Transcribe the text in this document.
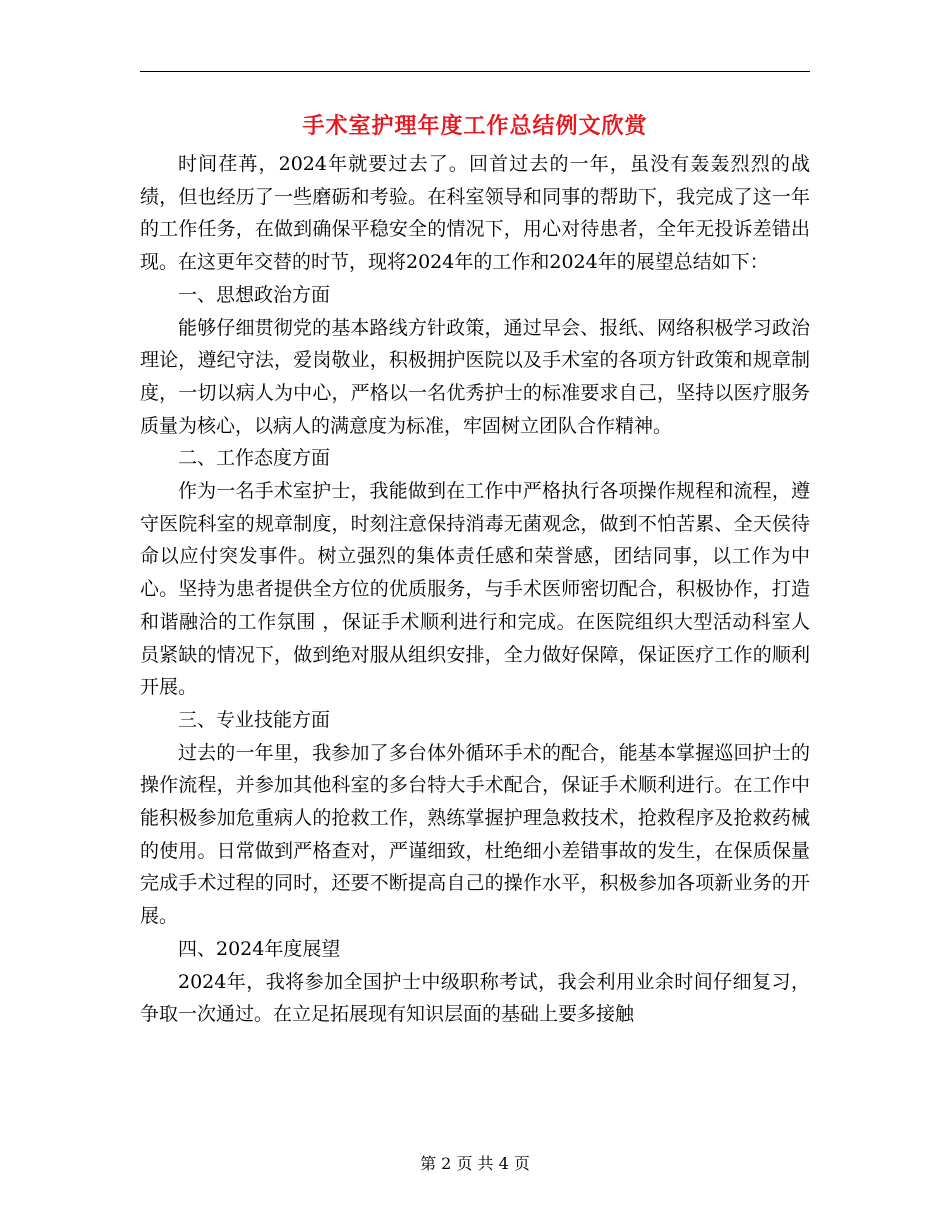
手术室护理年度工作总结例文欣赏

时间荏苒，2024年就要过去了。回首过去的一年，虽没有轰轰烈烈的战绩，但也经历了一些磨砺和考验。在科室领导和同事的帮助下，我完成了这一年的工作任务，在做到确保平稳安全的情况下，用心对待患者，全年无投诉差错出现。在这更年交替的时节，现将2024年的工作和2024年的展望总结如下：

一、思想政治方面

能够仔细贯彻党的基本路线方针政策，通过早会、报纸、网络积极学习政治理论，遵纪守法，爱岗敬业，积极拥护医院以及手术室的各项方针政策和规章制度，一切以病人为中心，严格以一名优秀护士的标准要求自己，坚持以医疗服务质量为核心，以病人的满意度为标准，牢固树立团队合作精神。

二、工作态度方面

作为一名手术室护士，我能做到在工作中严格执行各项操作规程和流程，遵守医院科室的规章制度，时刻注意保持消毒无菌观念，做到不怕苦累、全天侯待命以应付突发事件。树立强烈的集体责任感和荣誉感，团结同事，以工作为中心。坚持为患者提供全方位的优质服务，与手术医师密切配合，积极协作，打造和谐融洽的工作氛围 ，保证手术顺利进行和完成。在医院组织大型活动科室人员紧缺的情况下，做到绝对服从组织安排，全力做好保障，保证医疗工作的顺利开展。

三、专业技能方面

过去的一年里，我参加了多台体外循环手术的配合，能基本掌握巡回护士的操作流程，并参加其他科室的多台特大手术配合，保证手术顺利进行。在工作中能积极参加危重病人的抢救工作，熟练掌握护理急救技术，抢救程序及抢救药械的使用。日常做到严格查对，严谨细致，杜绝细小差错事故的发生，在保质保量完成手术过程的同时，还要不断提高自己的操作水平，积极参加各项新业务的开展。

四、2024年度展望

2024年，我将参加全国护士中级职称考试，我会利用业余时间仔细复习，争取一次通过。在立足拓展现有知识层面的基础上要多接触

第 2 页 共 4 页
